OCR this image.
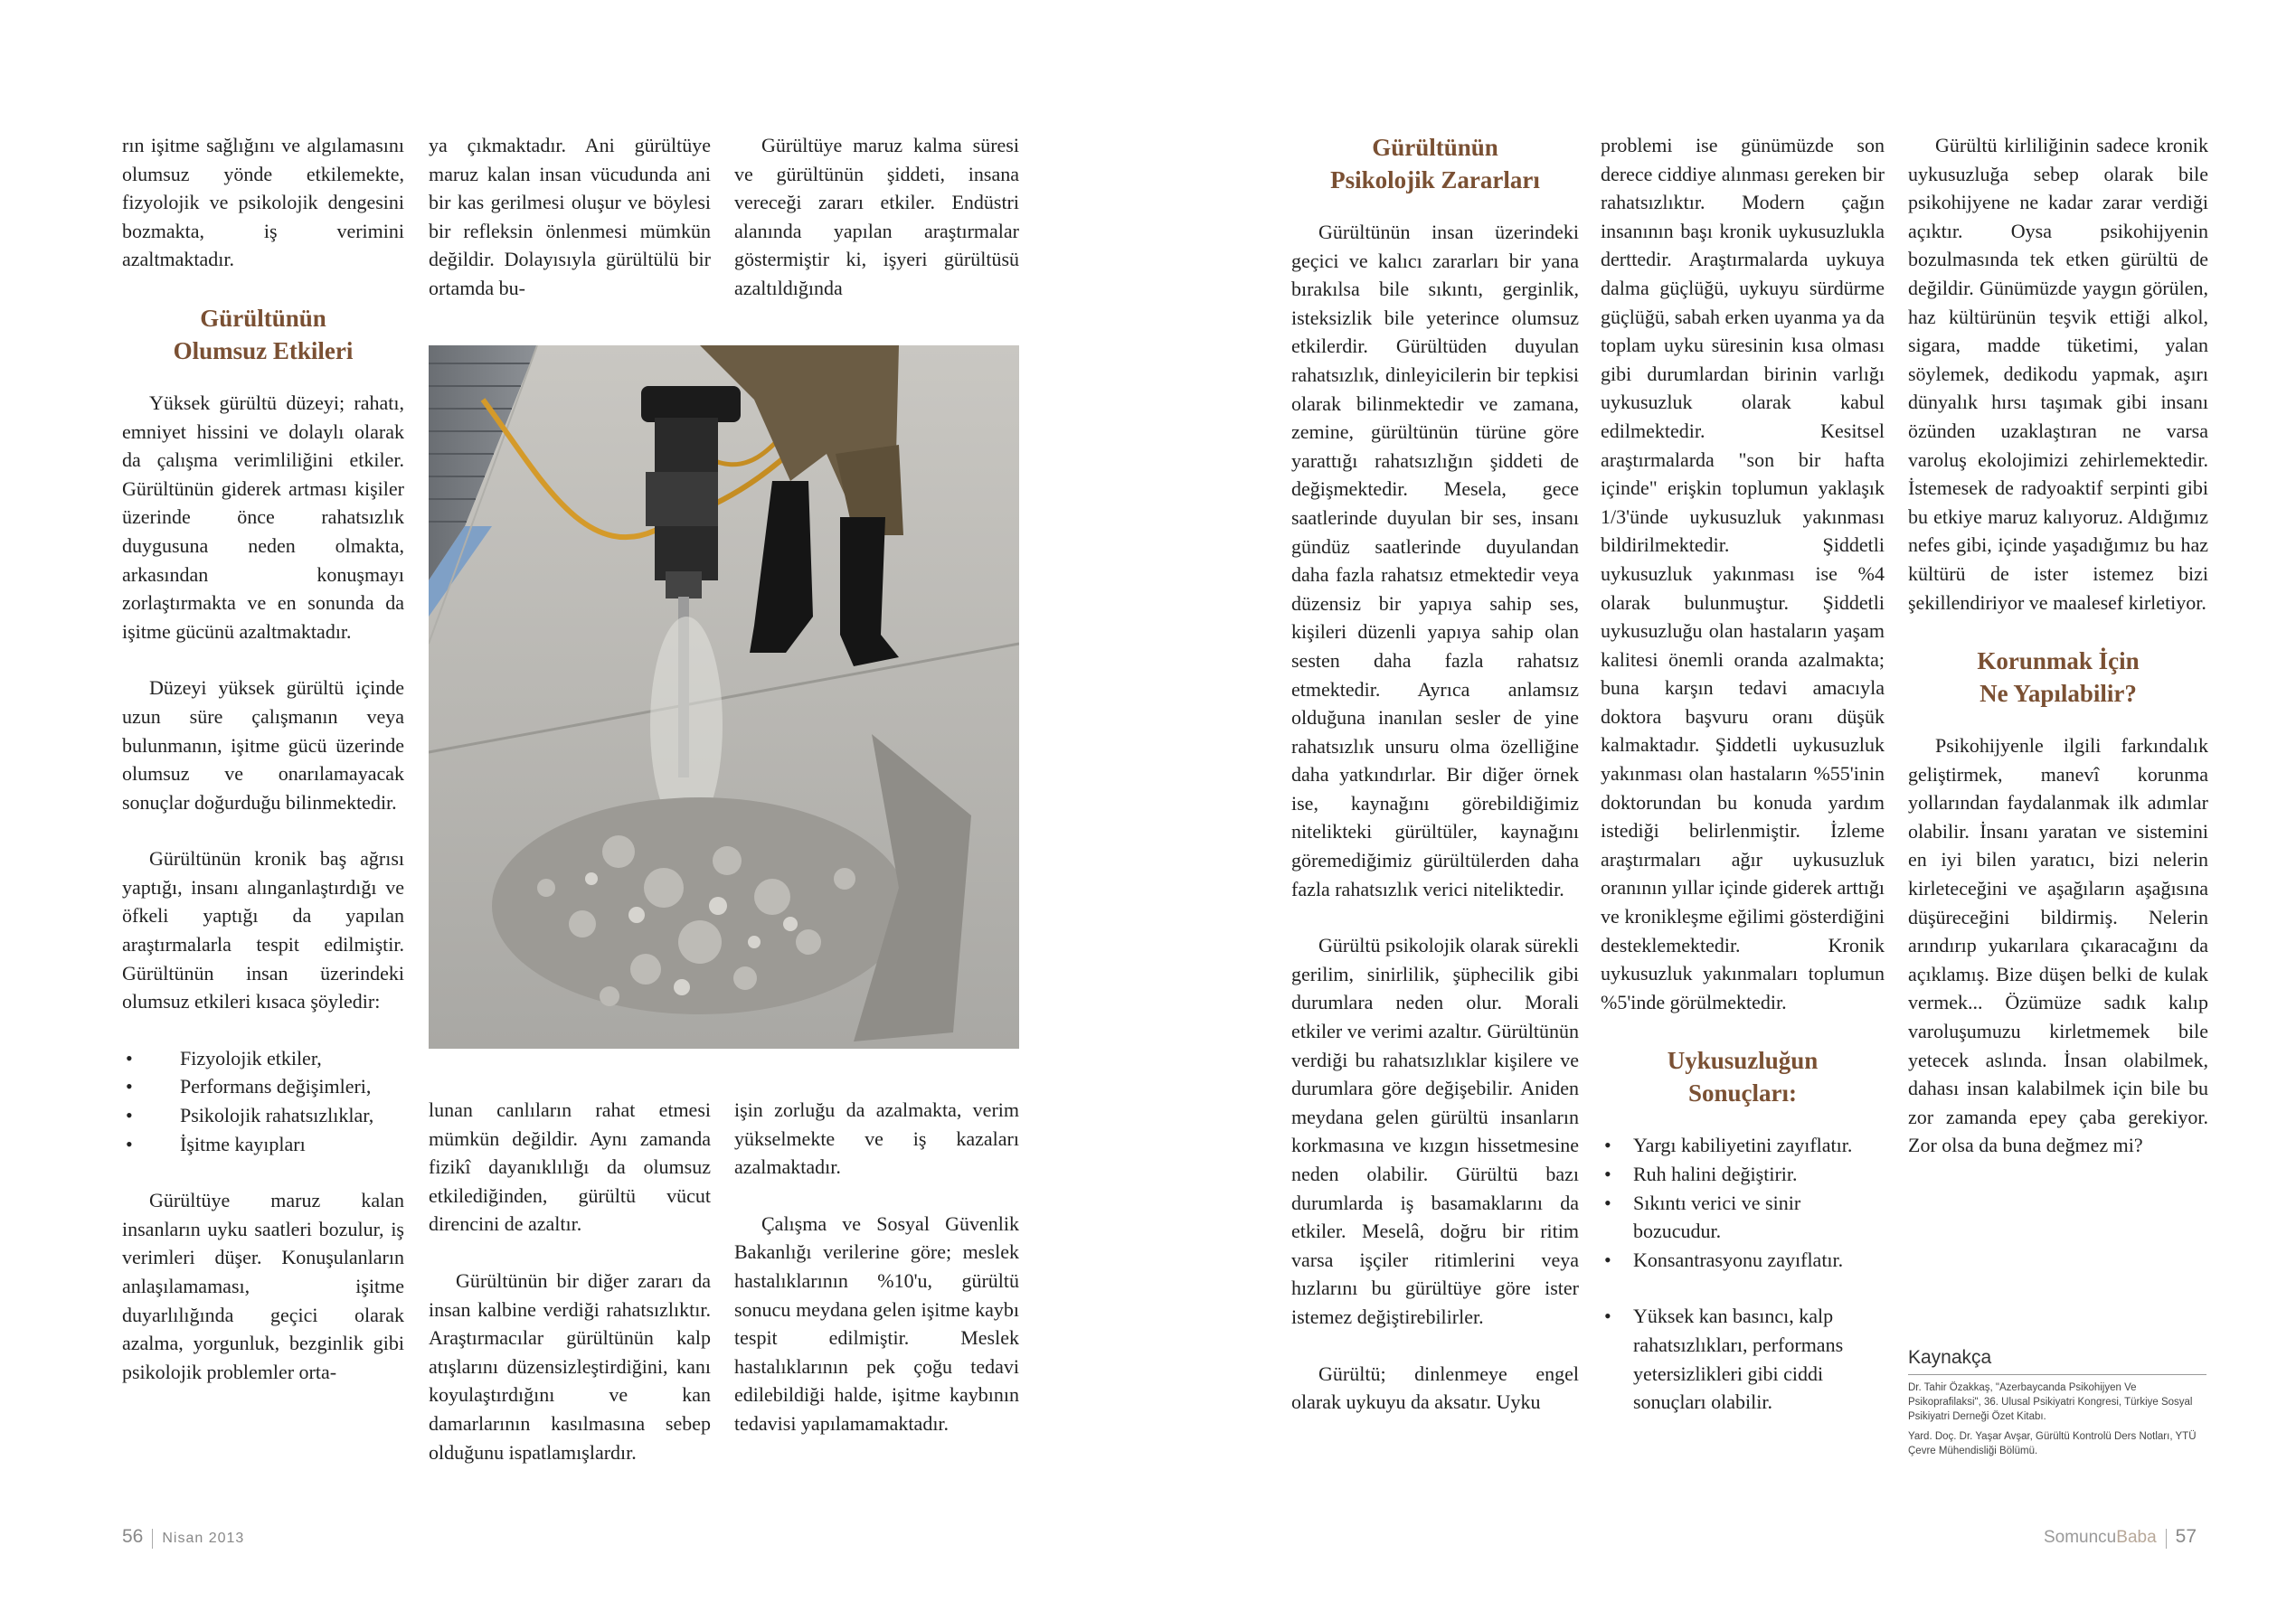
rın işitme sağlığını ve algılamasını olumsuz yönde etkilemekte, fizyolojik ve psikolojik dengesini bozmakta, iş verimini azaltmaktadır.

Gürültünün
Olumsuz Etkileri

Yüksek gürültü düzeyi; rahatı, emniyet hissini ve dolaylı olarak da çalışma verimliliğini etkiler. Gürültünün giderek artması kişiler üzerinde önce rahatsızlık duygusuna neden olmakta, arkasından konuşmayı zorlaştırmakta ve en sonunda da işitme gücünü azaltmaktadır.

Düzeyi yüksek gürültü içinde uzun süre çalışmanın veya bulunmanın, işitme gücü üzerinde olumsuz ve onarılamayacak sonuçlar doğurduğu bilinmektedir.

Gürültünün kronik baş ağrısı yaptığı, insanı alınganlaştırdığı ve öfkeli yaptığı da yapılan araştırmalarla tespit edilmiştir. Gürültünün insan üzerindeki olumsuz etkileri kısaca şöyledir:

• Fizyolojik etkiler,
• Performans değişimleri,
• Psikolojik rahatsızlıklar,
• İşitme kayıpları

Gürültüye maruz kalan insanların uyku saatleri bozulur, iş verimleri düşer. Konuşulanların anlaşılamaması, işitme duyarlılığında geçici olarak azalma, yorgunluk, bezginlik gibi psikolojik problemler orta-

ya çıkmaktadır. Ani gürültüye maruz kalan insan vücudunda ani bir kas gerilmesi oluşur ve böylesi bir refleksin önlenmesi mümkün değildir. Dolayısıyla gürültülü bir ortamda bu-

Gürültüye maruz kalma süresi ve gürültünün şiddeti, insana vereceği zararı etkiler. Endüstri alanında yapılan araştırmalar göstermiştir ki, işyeri gürültüsü azaltıldığında

lunan canlıların rahat etmesi mümkün değildir. Aynı zamanda fizikî dayanıklılığı da olumsuz etkilediğinden, gürültü vücut direncini de azaltır.

Gürültünün bir diğer zararı da insan kalbine verdiği rahatsızlıktır. Araştırmacılar gürültünün kalp atışlarını düzensizleştirdiğini, kanı koyulaştırdığını ve kan damarlarının kasılmasına sebep olduğunu ispatlamışlardır.

işin zorluğu da azalmakta, verim yükselmekte ve iş kazaları azalmaktadır.

Çalışma ve Sosyal Güvenlik Bakanlığı verilerine göre; meslek hastalıklarının %10'u, gürültü sonucu meydana gelen işitme kaybı tespit edilmiştir. Meslek hastalıklarının pek çoğu tedavi edilebildiği halde, işitme kaybının tedavisi yapılamamaktadır.

56 Nisan 2013
Gürültünün
Psikolojik Zararları

Gürültünün insan üzerindeki geçici ve kalıcı zararları bir yana bırakılsa bile sıkıntı, gerginlik, isteksizlik bile yeterince olumsuz etkilerdir. Gürültüden duyulan rahatsızlık, dinleyicilerin bir tepkisi olarak bilinmektedir ve zamana, zemine, gürültünün türüne göre yarattığı rahatsızlığın şiddeti de değişmektedir. Mesela, gece saatlerinde duyulan bir ses, insanı gündüz saatlerinde duyulandan daha fazla rahatsız etmektedir veya düzensiz bir yapıya sahip ses, kişileri düzenli yapıya sahip olan sesten daha fazla rahatsız etmektedir. Ayrıca anlamsız olduğuna inanılan sesler de yine rahatsızlık unsuru olma özelliğine daha yatkındırlar. Bir diğer örnek ise, kaynağını görebildiğimiz nitelikteki gürültüler, kaynağını göremediğimiz gürültülerden daha fazla rahatsızlık verici niteliktedir.

Gürültü psikolojik olarak sürekli gerilim, sinirlilik, şüphecilik gibi durumlara neden olur. Morali etkiler ve verimi azaltır. Gürültünün verdiği bu rahatsızlıklar kişilere ve durumlara göre değişebilir. Aniden meydana gelen gürültü insanların korkmasına ve kızgın hissetmesine neden olabilir. Gürültü bazı durumlarda iş basamaklarını da etkiler. Meselâ, doğru bir ritim varsa işçiler ritimlerini veya hızlarını bu gürültüye göre ister istemez değiştirebilirler.

Gürültü; dinlenmeye engel olarak uykuyu da aksatır. Uyku

problemi ise günümüzde son derece ciddiye alınması gereken bir rahatsızlıktır. Modern çağın insanının başı kronik uykusuzlukla derttedir. Araştırmalarda uykuya dalma güçlüğü, uykuyu sürdürme güçlüğü, sabah erken uyanma ya da toplam uyku süresinin kısa olması gibi durumlardan birinin varlığı uykusuzluk olarak kabul edilmektedir. Kesitsel araştırmalarda "son bir hafta içinde" erişkin toplumun yaklaşık 1/3'ünde uykusuzluk yakınması bildirilmektedir. Şiddetli uykusuzluk yakınması ise %4 olarak bulunmuştur. Şiddetli uykusuzluğu olan hastaların yaşam kalitesi önemli oranda azalmakta; buna karşın tedavi amacıyla doktora başvuru oranı düşük kalmaktadır. Şiddetli uykusuzluk yakınması olan hastaların %55'inin doktorundan bu konuda yardım istediği belirlenmiştir. İzleme araştırmaları ağır uykusuzluk oranının yıllar içinde giderek arttığı ve kronikleşme eğilimi gösterdiğini desteklemektedir. Kronik uykusuzluk yakınmaları toplumun %5'inde görülmektedir.

Uykusuzluğun
Sonuçları:
• Yargı kabiliyetini zayıflatır.
• Ruh halini değiştirir.
• Sıkıntı verici ve sinir bozucudur.
• Konsantrasyonu zayıflatır.
• Yüksek kan basıncı, kalp rahatsızlıkları, performans yetersizlikleri gibi ciddi sonuçları olabilir.

Gürültü kirliliğinin sadece kronik uykusuzluğa sebep olarak bile psikohijyene ne kadar zarar verdiği açıktır. Oysa psikohijyenin bozulmasında tek etken gürültü de değildir. Günümüzde yaygın görülen, haz kültürünün teşvik ettiği alkol, sigara, madde tüketimi, yalan söylemek, dedikodu yapmak, aşırı dünyalık hırsı taşımak gibi insanı özünden uzaklaştıran ne varsa varoluş ekolojimizi zehirlemektedir. İstemesek de radyoaktif serpinti gibi bu etkiye maruz kalıyoruz. Aldığımız nefes gibi, içinde yaşadığımız bu haz kültürü de ister istemez bizi şekillendiriyor ve maalesef kirletiyor.

Korunmak İçin
Ne Yapılabilir?

Psikohijyenle ilgili farkındalık geliştirmek, manevî korunma yollarından faydalanmak ilk adımlar olabilir. İnsanı yaratan ve sistemini en iyi bilen yaratıcı, bizi nelerin kirleteceğini ve aşağıların aşağısına düşüreceğini bildirmiş. Nelerin arındırıp yukarılara çıkaracağını da açıklamış. Bize düşen belki de kulak vermek... Özümüze sadık kalıp varoluşumuzu kirletmemek bile yetecek aslında. İnsan olabilmek, dahası insan kalabilmek için bile bu zor zamanda epey çaba gerekiyor. Zor olsa da buna değmez mi?

Kaynakça

Dr. Tahir Özakkaş, "Azerbaycanda Psikohijyen Ve Psikoprafilaksi", 36. Ulusal Psikiyatri Kongresi, Türkiye Sosyal Psikiyatri Derneği Özet Kitabı.

Yard. Doç. Dr. Yaşar Avşar, Gürültü Kontrolü Ders Notları, YTÜ Çevre Mühendisliği Bölümü.

SomuncuBaba 57
